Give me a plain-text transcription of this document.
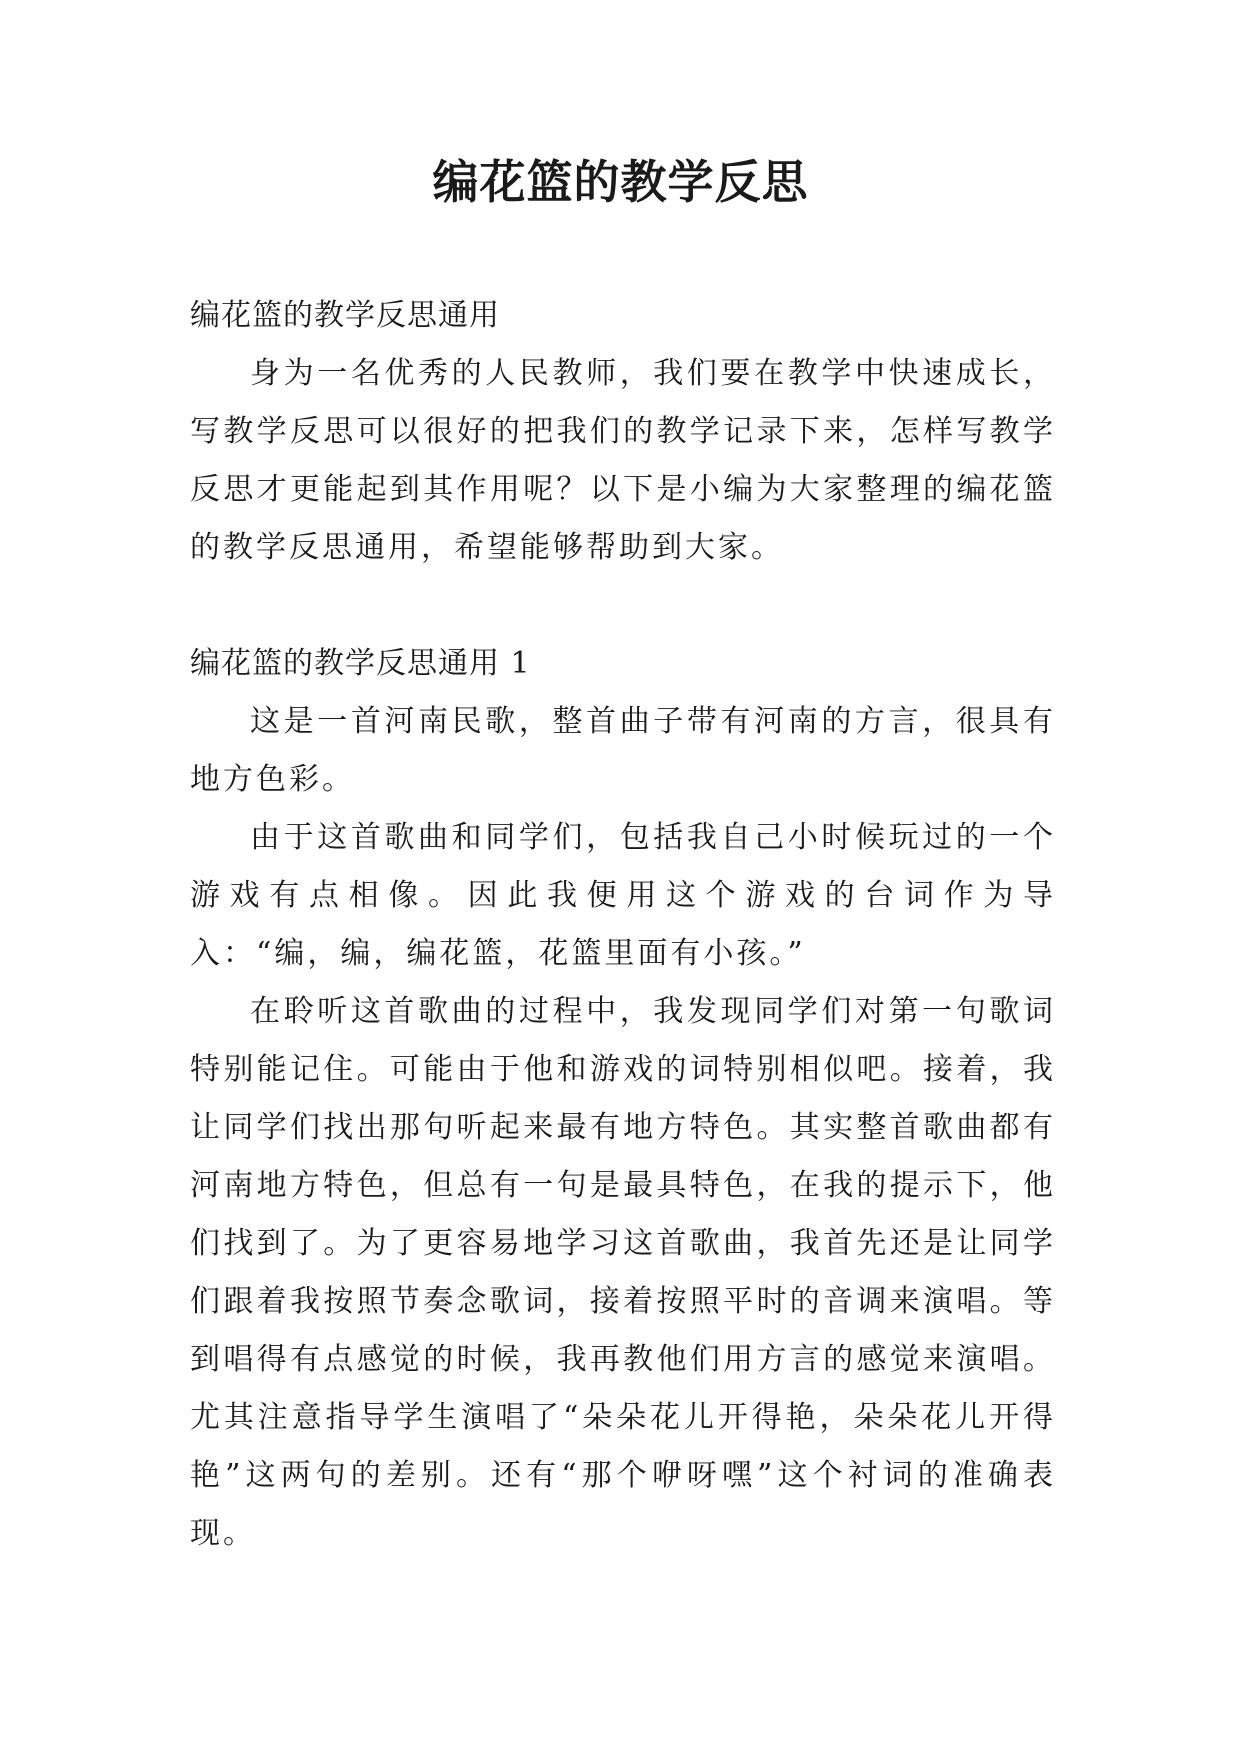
编花篮的教学反思

编花篮的教学反思通用

身为一名优秀的人民教师，我们要在教学中快速成长，写教学反思可以很好的把我们的教学记录下来，怎样写教学反思才更能起到其作用呢？以下是小编为大家整理的编花篮的教学反思通用，希望能够帮助到大家。

编花篮的教学反思通用 1

这是一首河南民歌，整首曲子带有河南的方言，很具有地方色彩。

由于这首歌曲和同学们，包括我自己小时候玩过的一个游戏有点相像。因此我便用这个游戏的台词作为导入：“编，编，编花篮，花篮里面有小孩。”

在聆听这首歌曲的过程中，我发现同学们对第一句歌词特别能记住。可能由于他和游戏的词特别相似吧。接着，我让同学们找出那句听起来最有地方特色。其实整首歌曲都有河南地方特色，但总有一句是最具特色，在我的提示下，他们找到了。为了更容易地学习这首歌曲，我首先还是让同学们跟着我按照节奏念歌词，接着按照平时的音调来演唱。等到唱得有点感觉的时候，我再教他们用方言的感觉来演唱。尤其注意指导学生演唱了“朵朵花儿开得艳，朵朵花儿开得艳”这两句的差别。还有“那个咿呀嘿”这个衬词的准确表现。
